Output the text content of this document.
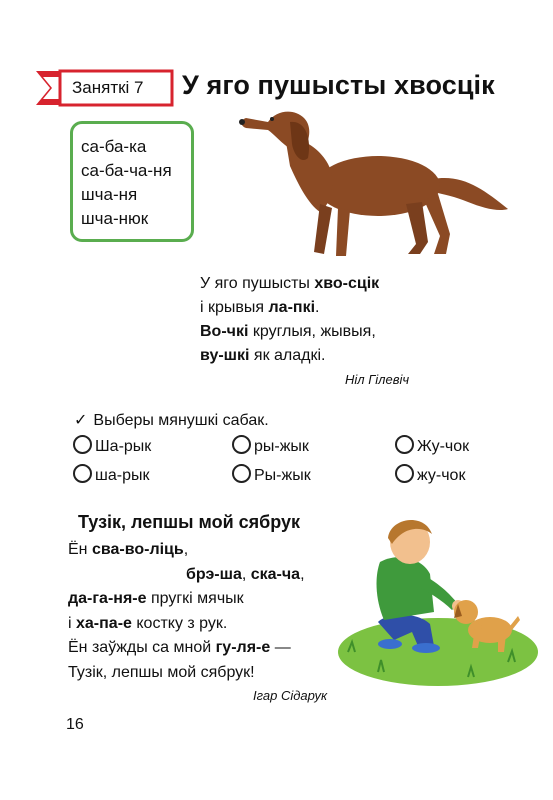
Заняткі 7 У яго пушысты хвосцік
са-ба-ка
са-ба-ча-ня
шча-ня
шча-нюк
У яго пушысты хво-сцік
і крывыя ла-пкі.
Во-чкі круглыя, жывыя,
ву-шкі як аладкі.
Ніл Гілевіч
✓ Выберы мянушкі сабак.
Ша-рык	ры-жык	Жу-чок
ша-рык	Ры-жык	жу-чок
Тузік, лепшы мой сябрук
Ён сва-во-ліць,
брэ-ша, ска-ча,
да-га-ня-е пругкі мячык
і ха-па-е костку з рук.
Ён заўжды са мной гу-ля-е —
Тузік, лепшы мой сябрук!
Ігар Сідарук
16
